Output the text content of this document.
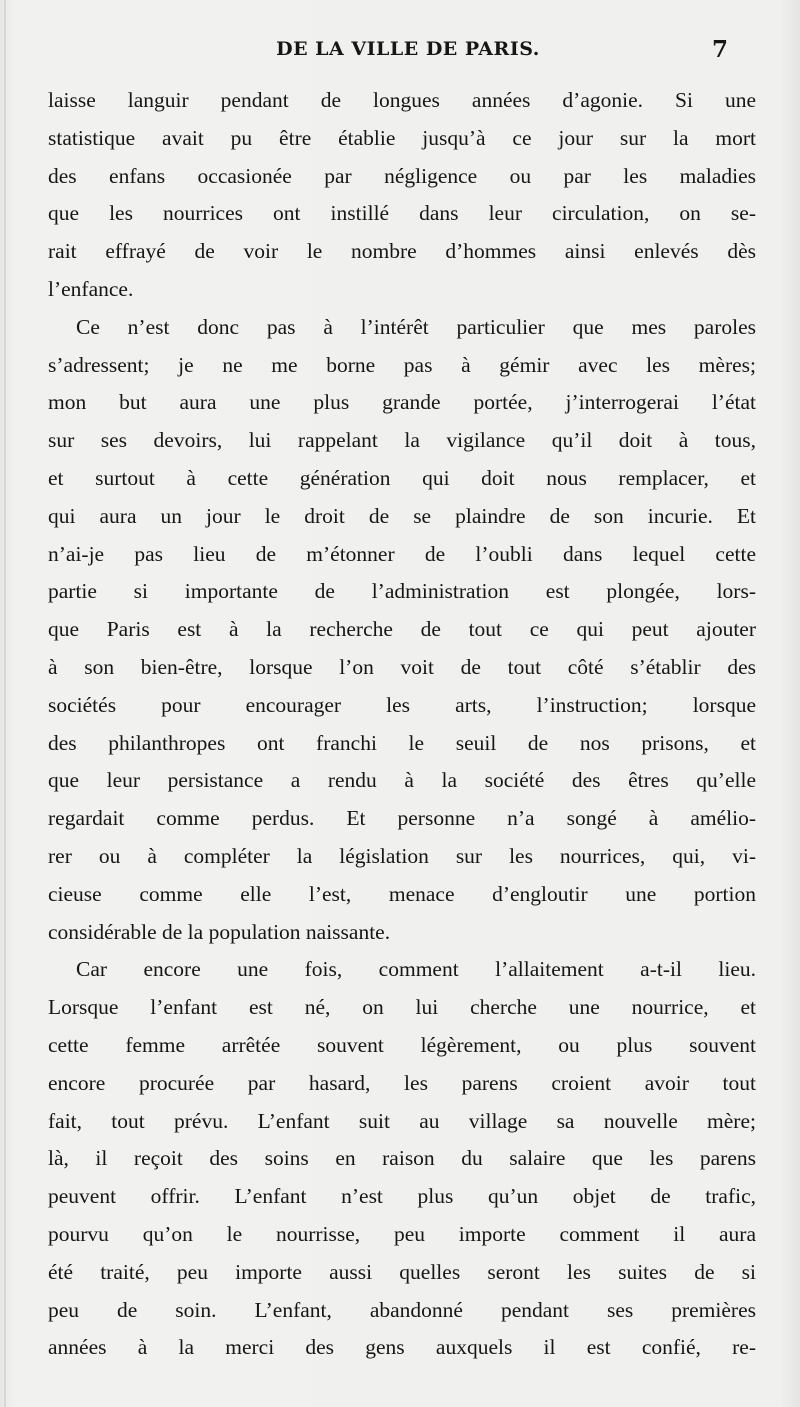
DE LA VILLE DE PARIS.	7
laisse languir pendant de longues années d’agonie. Si une
statistique avait pu être établie jusqu’à ce jour sur la mort
des enfans occasionée par négligence ou par les maladies
que les nourrices ont instillé dans leur circulation, on se-
rait effrayé de voir le nombre d’hommes ainsi enlevés dès
l’enfance.
Ce n’est donc pas à l’intérêt particulier que mes paroles
s’adressent; je ne me borne pas à gémir avec les mères;
mon but aura une plus grande portée, j’interrogerai l’état
sur ses devoirs, lui rappelant la vigilance qu’il doit à tous,
et surtout à cette génération qui doit nous remplacer, et
qui aura un jour le droit de se plaindre de son incurie. Et
n’ai-je pas lieu de m’étonner de l’oubli dans lequel cette
partie si importante de l’administration est plongée, lors-
que Paris est à la recherche de tout ce qui peut ajouter
à son bien-être, lorsque l’on voit de tout côté s’établir des
sociétés pour encourager les arts, l’instruction; lorsque
des philanthropes ont franchi le seuil de nos prisons, et
que leur persistance a rendu à la société des êtres qu’elle
regardait comme perdus. Et personne n’a songé à amélio-
rer ou à compléter la législation sur les nourrices, qui, vi-
cieuse comme elle l’est, menace d’engloutir une portion
considérable de la population naissante.
Car encore une fois, comment l’allaitement a-t-il lieu.
Lorsque l’enfant est né, on lui cherche une nourrice, et
cette femme arrêtée souvent légèrement, ou plus souvent
encore procurée par hasard, les parens croient avoir tout
fait, tout prévu. L’enfant suit au village sa nouvelle mère;
là, il reçoit des soins en raison du salaire que les parens
peuvent offrir. L’enfant n’est plus qu’un objet de trafic,
pourvu qu’on le nourrisse, peu importe comment il aura
été traité, peu importe aussi quelles seront les suites de si
peu de soin. L’enfant, abandonné pendant ses premières
années à la merci des gens auxquels il est confié, re-
